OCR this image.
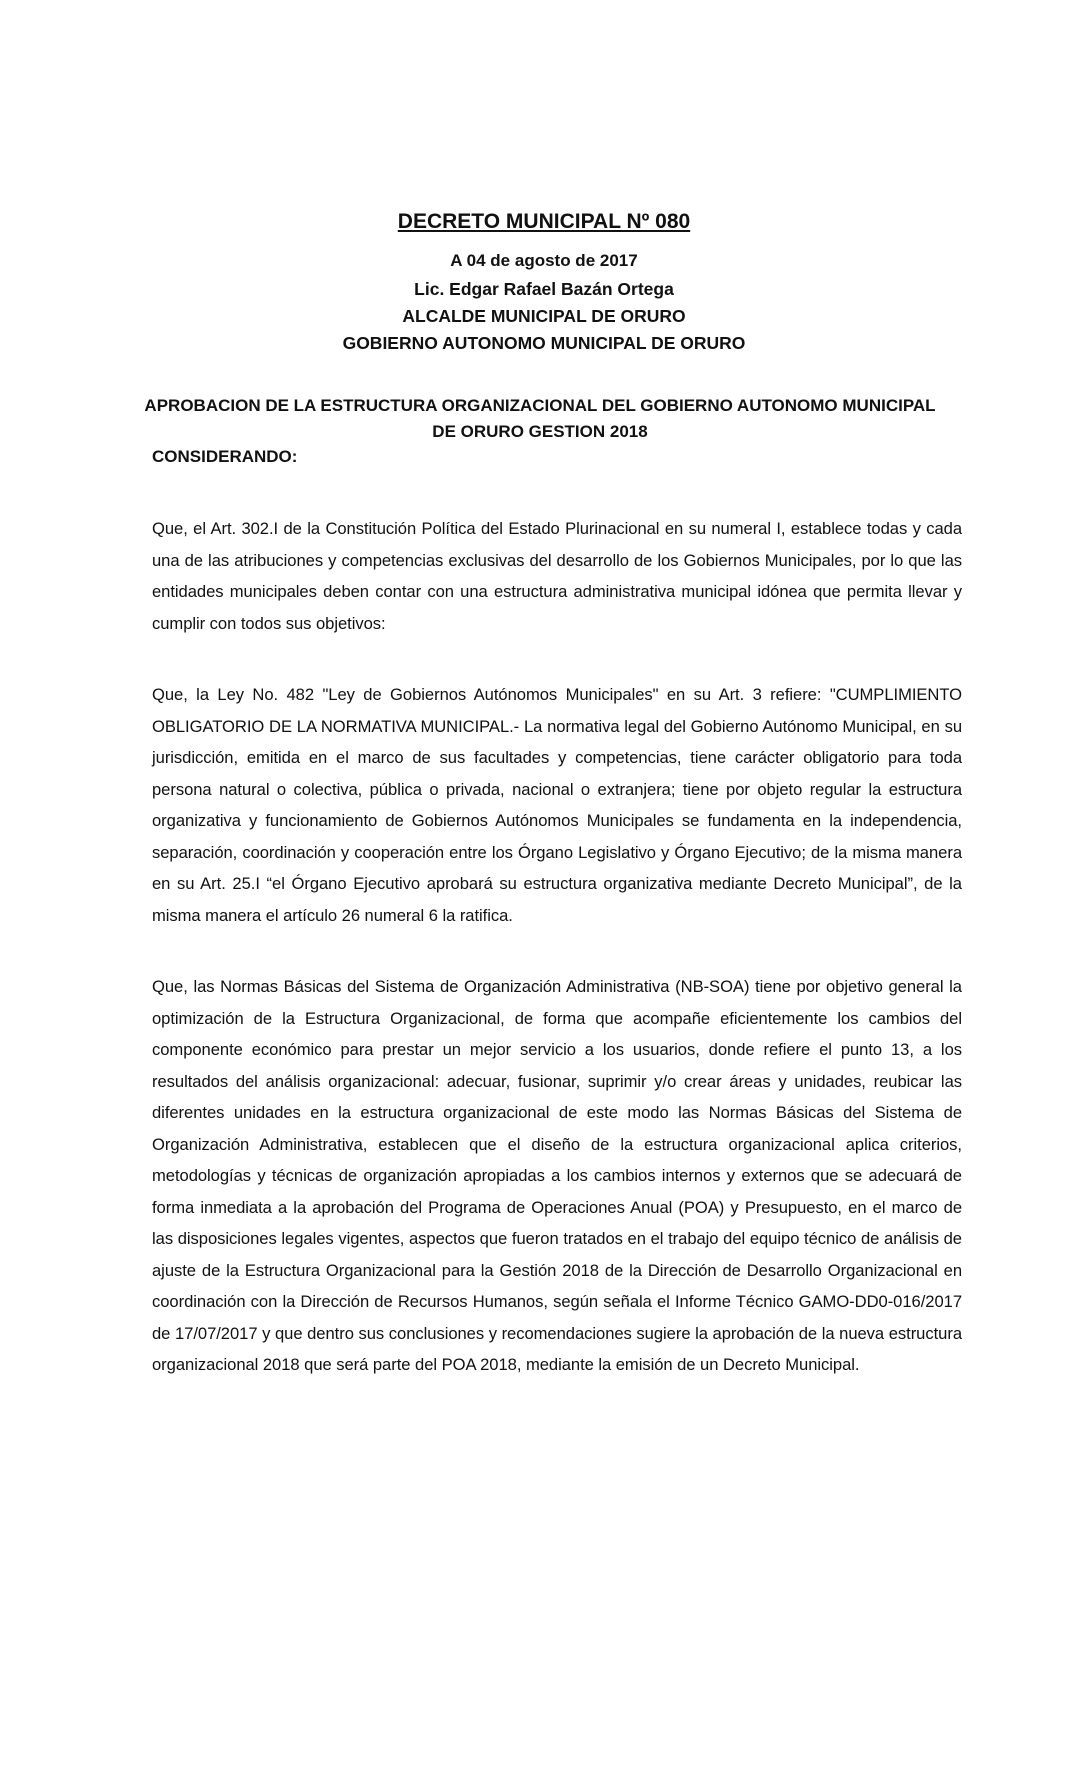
DECRETO MUNICIPAL Nº 080
A 04 de agosto de 2017
Lic. Edgar Rafael Bazán Ortega
ALCALDE MUNICIPAL DE ORURO
GOBIERNO AUTONOMO MUNICIPAL DE ORURO
APROBACION DE LA ESTRUCTURA ORGANIZACIONAL DEL GOBIERNO AUTONOMO MUNICIPAL DE ORURO GESTION 2018
CONSIDERANDO:

Que, el Art. 302.I de la Constitución Política del Estado Plurinacional en su numeral I, establece todas y cada una de las atribuciones y competencias exclusivas del desarrollo de los Gobiernos Municipales, por lo que las entidades municipales deben contar con una estructura administrativa municipal idónea que permita llevar y cumplir con todos sus objetivos:

Que, la Ley No. 482 "Ley de Gobiernos Autónomos Municipales" en su Art. 3 refiere: "CUMPLIMIENTO OBLIGATORIO DE LA NORMATIVA MUNICIPAL.- La normativa legal del Gobierno Autónomo Municipal, en su jurisdicción, emitida en el marco de sus facultades y competencias, tiene carácter obligatorio para toda persona natural o colectiva, pública o privada, nacional o extranjera; tiene por objeto regular la estructura organizativa y funcionamiento de Gobiernos Autónomos Municipales se fundamenta en la independencia, separación, coordinación y cooperación entre los Órgano Legislativo y Órgano Ejecutivo; de la misma manera en su Art. 25.I “el Órgano Ejecutivo aprobará su estructura organizativa mediante Decreto Municipal”, de la misma manera el artículo 26 numeral 6 la ratifica.

Que, las Normas Básicas del Sistema de Organización Administrativa (NB-SOA) tiene por objetivo general la optimización de la Estructura Organizacional, de forma que acompañe eficientemente los cambios del componente económico para prestar un mejor servicio a los usuarios, donde refiere el punto 13, a los resultados del análisis organizacional: adecuar, fusionar, suprimir y/o crear áreas y unidades, reubicar las diferentes unidades en la estructura organizacional de este modo las Normas Básicas del Sistema de Organización Administrativa, establecen que el diseño de la estructura organizacional aplica criterios, metodologías y técnicas de organización apropiadas a los cambios internos y externos que se adecuará de forma inmediata a la aprobación del Programa de Operaciones Anual (POA) y Presupuesto, en el marco de las disposiciones legales vigentes, aspectos que fueron tratados en el trabajo del equipo técnico de análisis de ajuste de la Estructura Organizacional para la Gestión 2018 de la Dirección de Desarrollo Organizacional en coordinación con la Dirección de Recursos Humanos, según señala el Informe Técnico GAMO-DD0-016/2017 de 17/07/2017 y que dentro sus conclusiones y recomendaciones sugiere la aprobación de la nueva estructura organizacional 2018 que será parte del POA 2018, mediante la emisión de un Decreto Municipal.
